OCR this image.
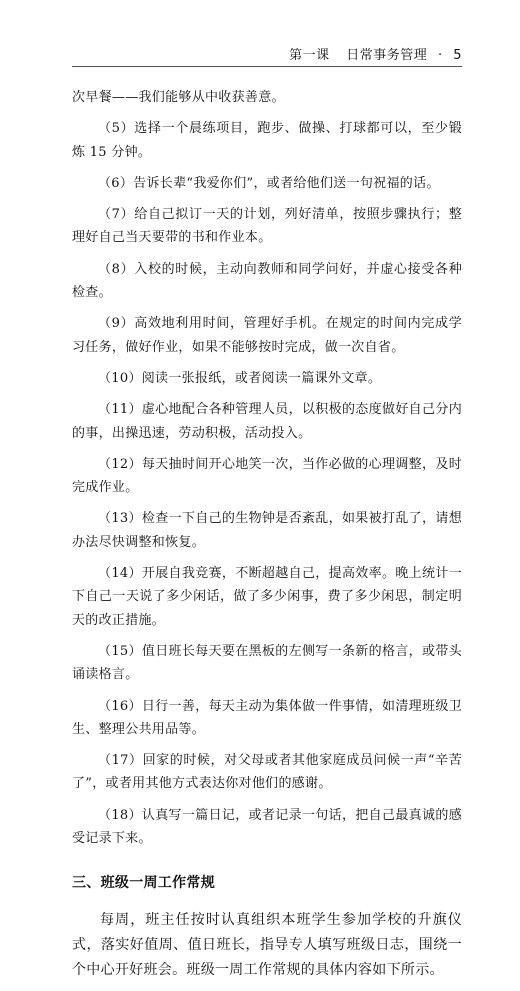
第一课 日常事务管理 · 5

次早餐——我们能够从中收获善意。

（5）选择一个晨练项目，跑步、做操、打球都可以，至少锻炼 15 分钟。

（6）告诉长辈“我爱你们”，或者给他们送一句祝福的话。

（7）给自己拟订一天的计划，列好清单，按照步骤执行；整理好自己当天要带的书和作业本。

（8）入校的时候，主动向教师和同学问好，并虚心接受各种检查。

（9）高效地利用时间，管理好手机。在规定的时间内完成学习任务，做好作业，如果不能够按时完成，做一次自省。

（10）阅读一张报纸，或者阅读一篇课外文章。

（11）虚心地配合各种管理人员，以积极的态度做好自己分内的事，出操迅速，劳动积极，活动投入。

（12）每天抽时间开心地笑一次，当作必做的心理调整，及时完成作业。

（13）检查一下自己的生物钟是否紊乱，如果被打乱了，请想办法尽快调整和恢复。

（14）开展自我竞赛，不断超越自己，提高效率。晚上统计一下自己一天说了多少闲话，做了多少闲事，费了多少闲思，制定明天的改正措施。

（15）值日班长每天要在黑板的左侧写一条新的格言，或带头诵读格言。

（16）日行一善，每天主动为集体做一件事情，如清理班级卫生、整理公共用品等。

（17）回家的时候，对父母或者其他家庭成员问候一声“辛苦了”，或者用其他方式表达你对他们的感谢。

（18）认真写一篇日记，或者记录一句话，把自己最真诚的感受记录下来。

三、班级一周工作常规

每周，班主任按时认真组织本班学生参加学校的升旗仪式，落实好值周、值日班长，指导专人填写班级日志，围绕一个中心开好班会。班级一周工作常规的具体内容如下所示。
